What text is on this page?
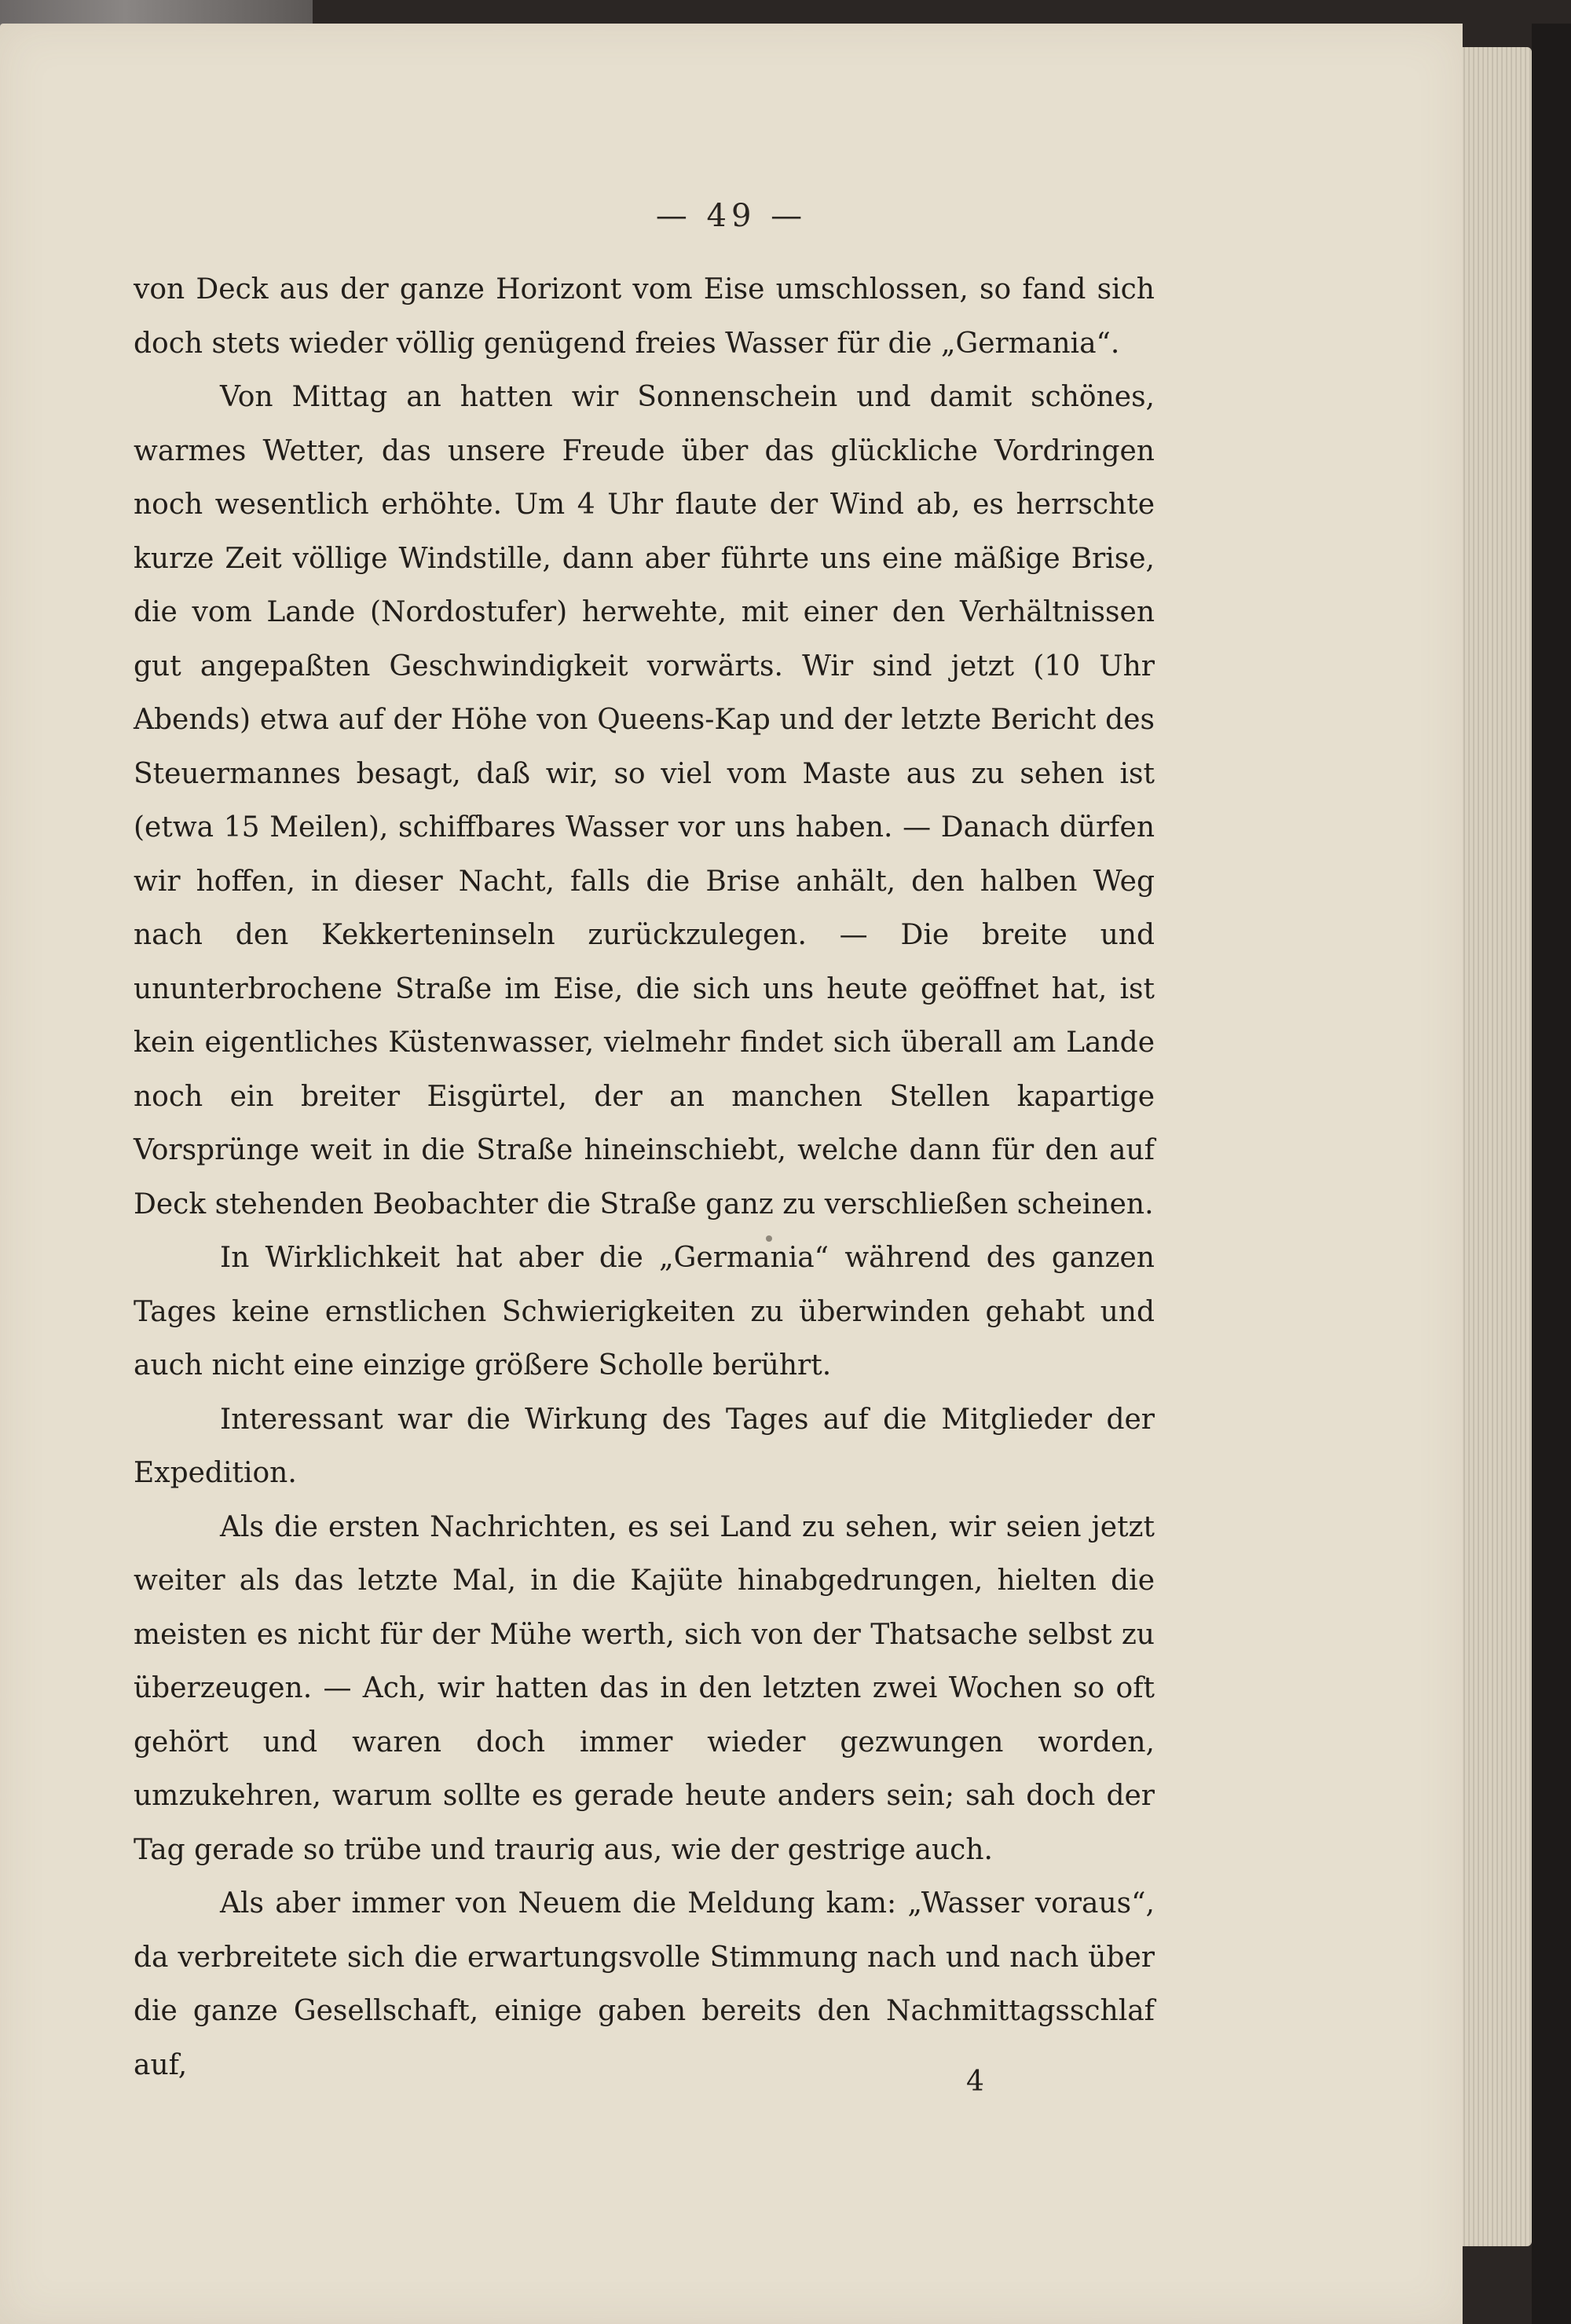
— 49 —

von Deck aus der ganze Horizont vom Eise umschlossen, so fand sich doch stets wieder völlig genügend freies Wasser für die „Germania“.

Von Mittag an hatten wir Sonnenschein und damit schönes, warmes Wetter, das unsere Freude über das glückliche Vordringen noch wesentlich erhöhte. Um 4 Uhr flaute der Wind ab, es herrschte kurze Zeit völlige Windstille, dann aber führte uns eine mäßige Brise, die vom Lande (Nordostufer) herwehte, mit einer den Verhältnissen gut angepaßten Geschwindigkeit vorwärts. Wir sind jetzt (10 Uhr Abends) etwa auf der Höhe von Queens-Kap und der letzte Bericht des Steuermannes besagt, daß wir, so viel vom Maste aus zu sehen ist (etwa 15 Meilen), schiffbares Wasser vor uns haben. — Danach dürfen wir hoffen, in dieser Nacht, falls die Brise anhält, den halben Weg nach den Kekkerteninseln zurückzulegen. — Die breite und ununterbrochene Straße im Eise, die sich uns heute geöffnet hat, ist kein eigentliches Küstenwasser, vielmehr findet sich überall am Lande noch ein breiter Eisgürtel, der an manchen Stellen kapartige Vorsprünge weit in die Straße hineinschiebt, welche dann für den auf Deck stehenden Beobachter die Straße ganz zu verschließen scheinen.

In Wirklichkeit hat aber die „Germania“ während des ganzen Tages keine ernstlichen Schwierigkeiten zu überwinden gehabt und auch nicht eine einzige größere Scholle berührt.

Interessant war die Wirkung des Tages auf die Mitglieder der Expedition.

Als die ersten Nachrichten, es sei Land zu sehen, wir seien jetzt weiter als das letzte Mal, in die Kajüte hinabgedrungen, hielten die meisten es nicht für der Mühe werth, sich von der Thatsache selbst zu überzeugen. — Ach, wir hatten das in den letzten zwei Wochen so oft gehört und waren doch immer wieder gezwungen worden, umzukehren, warum sollte es gerade heute anders sein; sah doch der Tag gerade so trübe und traurig aus, wie der gestrige auch.

Als aber immer von Neuem die Meldung kam: „Wasser voraus“, da verbreitete sich die erwartungsvolle Stimmung nach und nach über die ganze Gesellschaft, einige gaben bereits den Nachmittagsschlaf auf,

4
